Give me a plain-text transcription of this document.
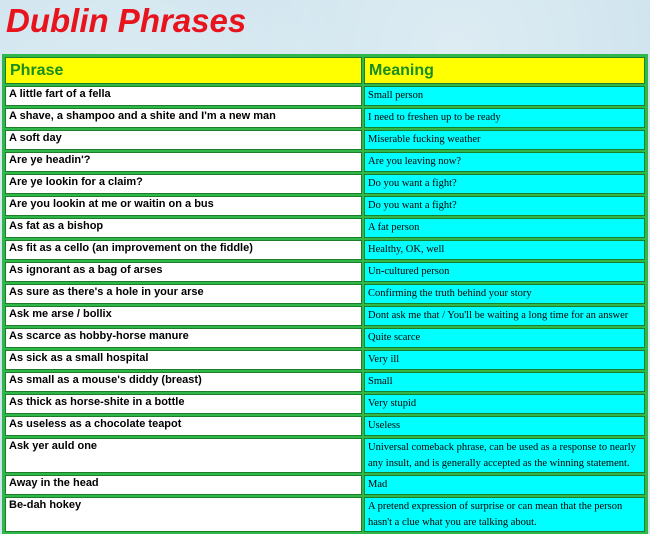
Dublin Phrases
Phrase	Meaning
A little fart of a fella	Small person
A shave, a shampoo and a shite and I'm a new man	I need to freshen up to be ready
A soft day	Miserable fucking weather
Are ye headin'?	Are you leaving now?
Are ye lookin for a claim?	Do you want a fight?
Are you lookin at me or waitin on a bus	Do you want a fight?
As fat as a bishop	A fat person
As fit as a cello (an improvement on the fiddle)	Healthy, OK, well
As ignorant as a bag of arses	Un-cultured person
As sure as there's a hole in your arse	Confirming the truth behind your story
Ask me arse / bollix	Dont ask me that / You'll be waiting a long time for an answer
As scarce as hobby-horse manure	Quite scarce
As sick as a small hospital	Very ill
As small as a mouse's diddy (breast)	Small
As thick as horse-shite in a bottle	Very stupid
As useless as a chocolate teapot	Useless
Ask yer auld one	Universal comeback phrase, can be used as a response to nearly any insult, and is generally accepted as the winning statement.
Away in the head	Mad
Be-dah hokey	A pretend expression of surprise or can mean that the person hasn't a clue what you are talking about.
